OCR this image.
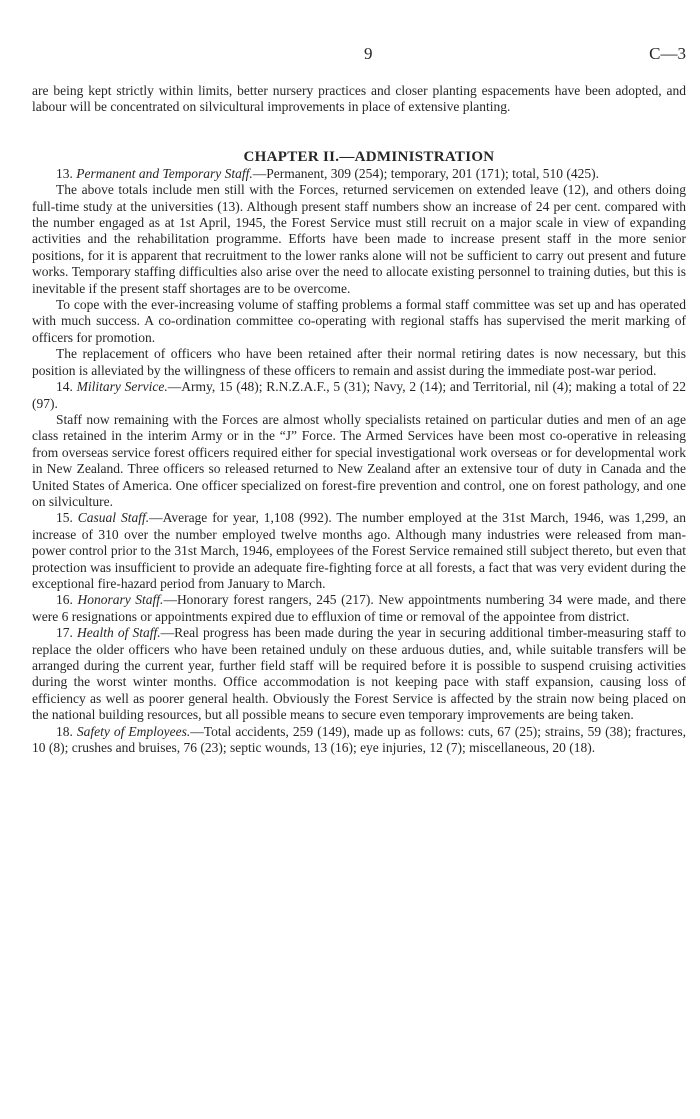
9	C—3

are being kept strictly within limits, better nursery practices and closer planting espacements have been adopted, and labour will be concentrated on silvicultural improvements in place of extensive planting.

CHAPTER II.—ADMINISTRATION

13. Permanent and Temporary Staff.—Permanent, 309 (254); temporary, 201 (171); total, 510 (425).

The above totals include men still with the Forces, returned servicemen on extended leave (12), and others doing full-time study at the universities (13). Although present staff numbers show an increase of 24 per cent. compared with the number engaged as at 1st April, 1945, the Forest Service must still recruit on a major scale in view of expanding activities and the rehabilitation programme. Efforts have been made to increase present staff in the more senior positions, for it is apparent that recruitment to the lower ranks alone will not be sufficient to carry out present and future works. Temporary staffing difficulties also arise over the need to allocate existing personnel to training duties, but this is inevitable if the present staff shortages are to be overcome.

To cope with the ever-increasing volume of staffing problems a formal staff committee was set up and has operated with much success. A co-ordination committee co-operating with regional staffs has supervised the merit marking of officers for promotion.

The replacement of officers who have been retained after their normal retiring dates is now necessary, but this position is alleviated by the willingness of these officers to remain and assist during the immediate post-war period.

14. Military Service.—Army, 15 (48); R.N.Z.A.F., 5 (31); Navy, 2 (14); and Territorial, nil (4); making a total of 22 (97).

Staff now remaining with the Forces are almost wholly specialists retained on particular duties and men of an age class retained in the interim Army or in the “J” Force. The Armed Services have been most co-operative in releasing from overseas service forest officers required either for special investigational work overseas or for developmental work in New Zealand. Three officers so released returned to New Zealand after an extensive tour of duty in Canada and the United States of America. One officer specialized on forest-fire prevention and control, one on forest pathology, and one on silviculture.

15. Casual Staff.—Average for year, 1,108 (992). The number employed at the 31st March, 1946, was 1,299, an increase of 310 over the number employed twelve months ago. Although many industries were released from man-power control prior to the 31st March, 1946, employees of the Forest Service remained still subject thereto, but even that protection was insufficient to provide an adequate fire-fighting force at all forests, a fact that was very evident during the exceptional fire-hazard period from January to March.

16. Honorary Staff.—Honorary forest rangers, 245 (217). New appointments numbering 34 were made, and there were 6 resignations or appointments expired due to effluxion of time or removal of the appointee from district.

17. Health of Staff.—Real progress has been made during the year in securing additional timber-measuring staff to replace the older officers who have been retained unduly on these arduous duties, and, while suitable transfers will be arranged during the current year, further field staff will be required before it is possible to suspend cruising activities during the worst winter months. Office accommodation is not keeping pace with staff expansion, causing loss of efficiency as well as poorer general health. Obviously the Forest Service is affected by the strain now being placed on the national building resources, but all possible means to secure even temporary improvements are being taken.

18. Safety of Employees.—Total accidents, 259 (149), made up as follows: cuts, 67 (25); strains, 59 (38); fractures, 10 (8); crushes and bruises, 76 (23); septic wounds, 13 (16); eye injuries, 12 (7); miscellaneous, 20 (18).
